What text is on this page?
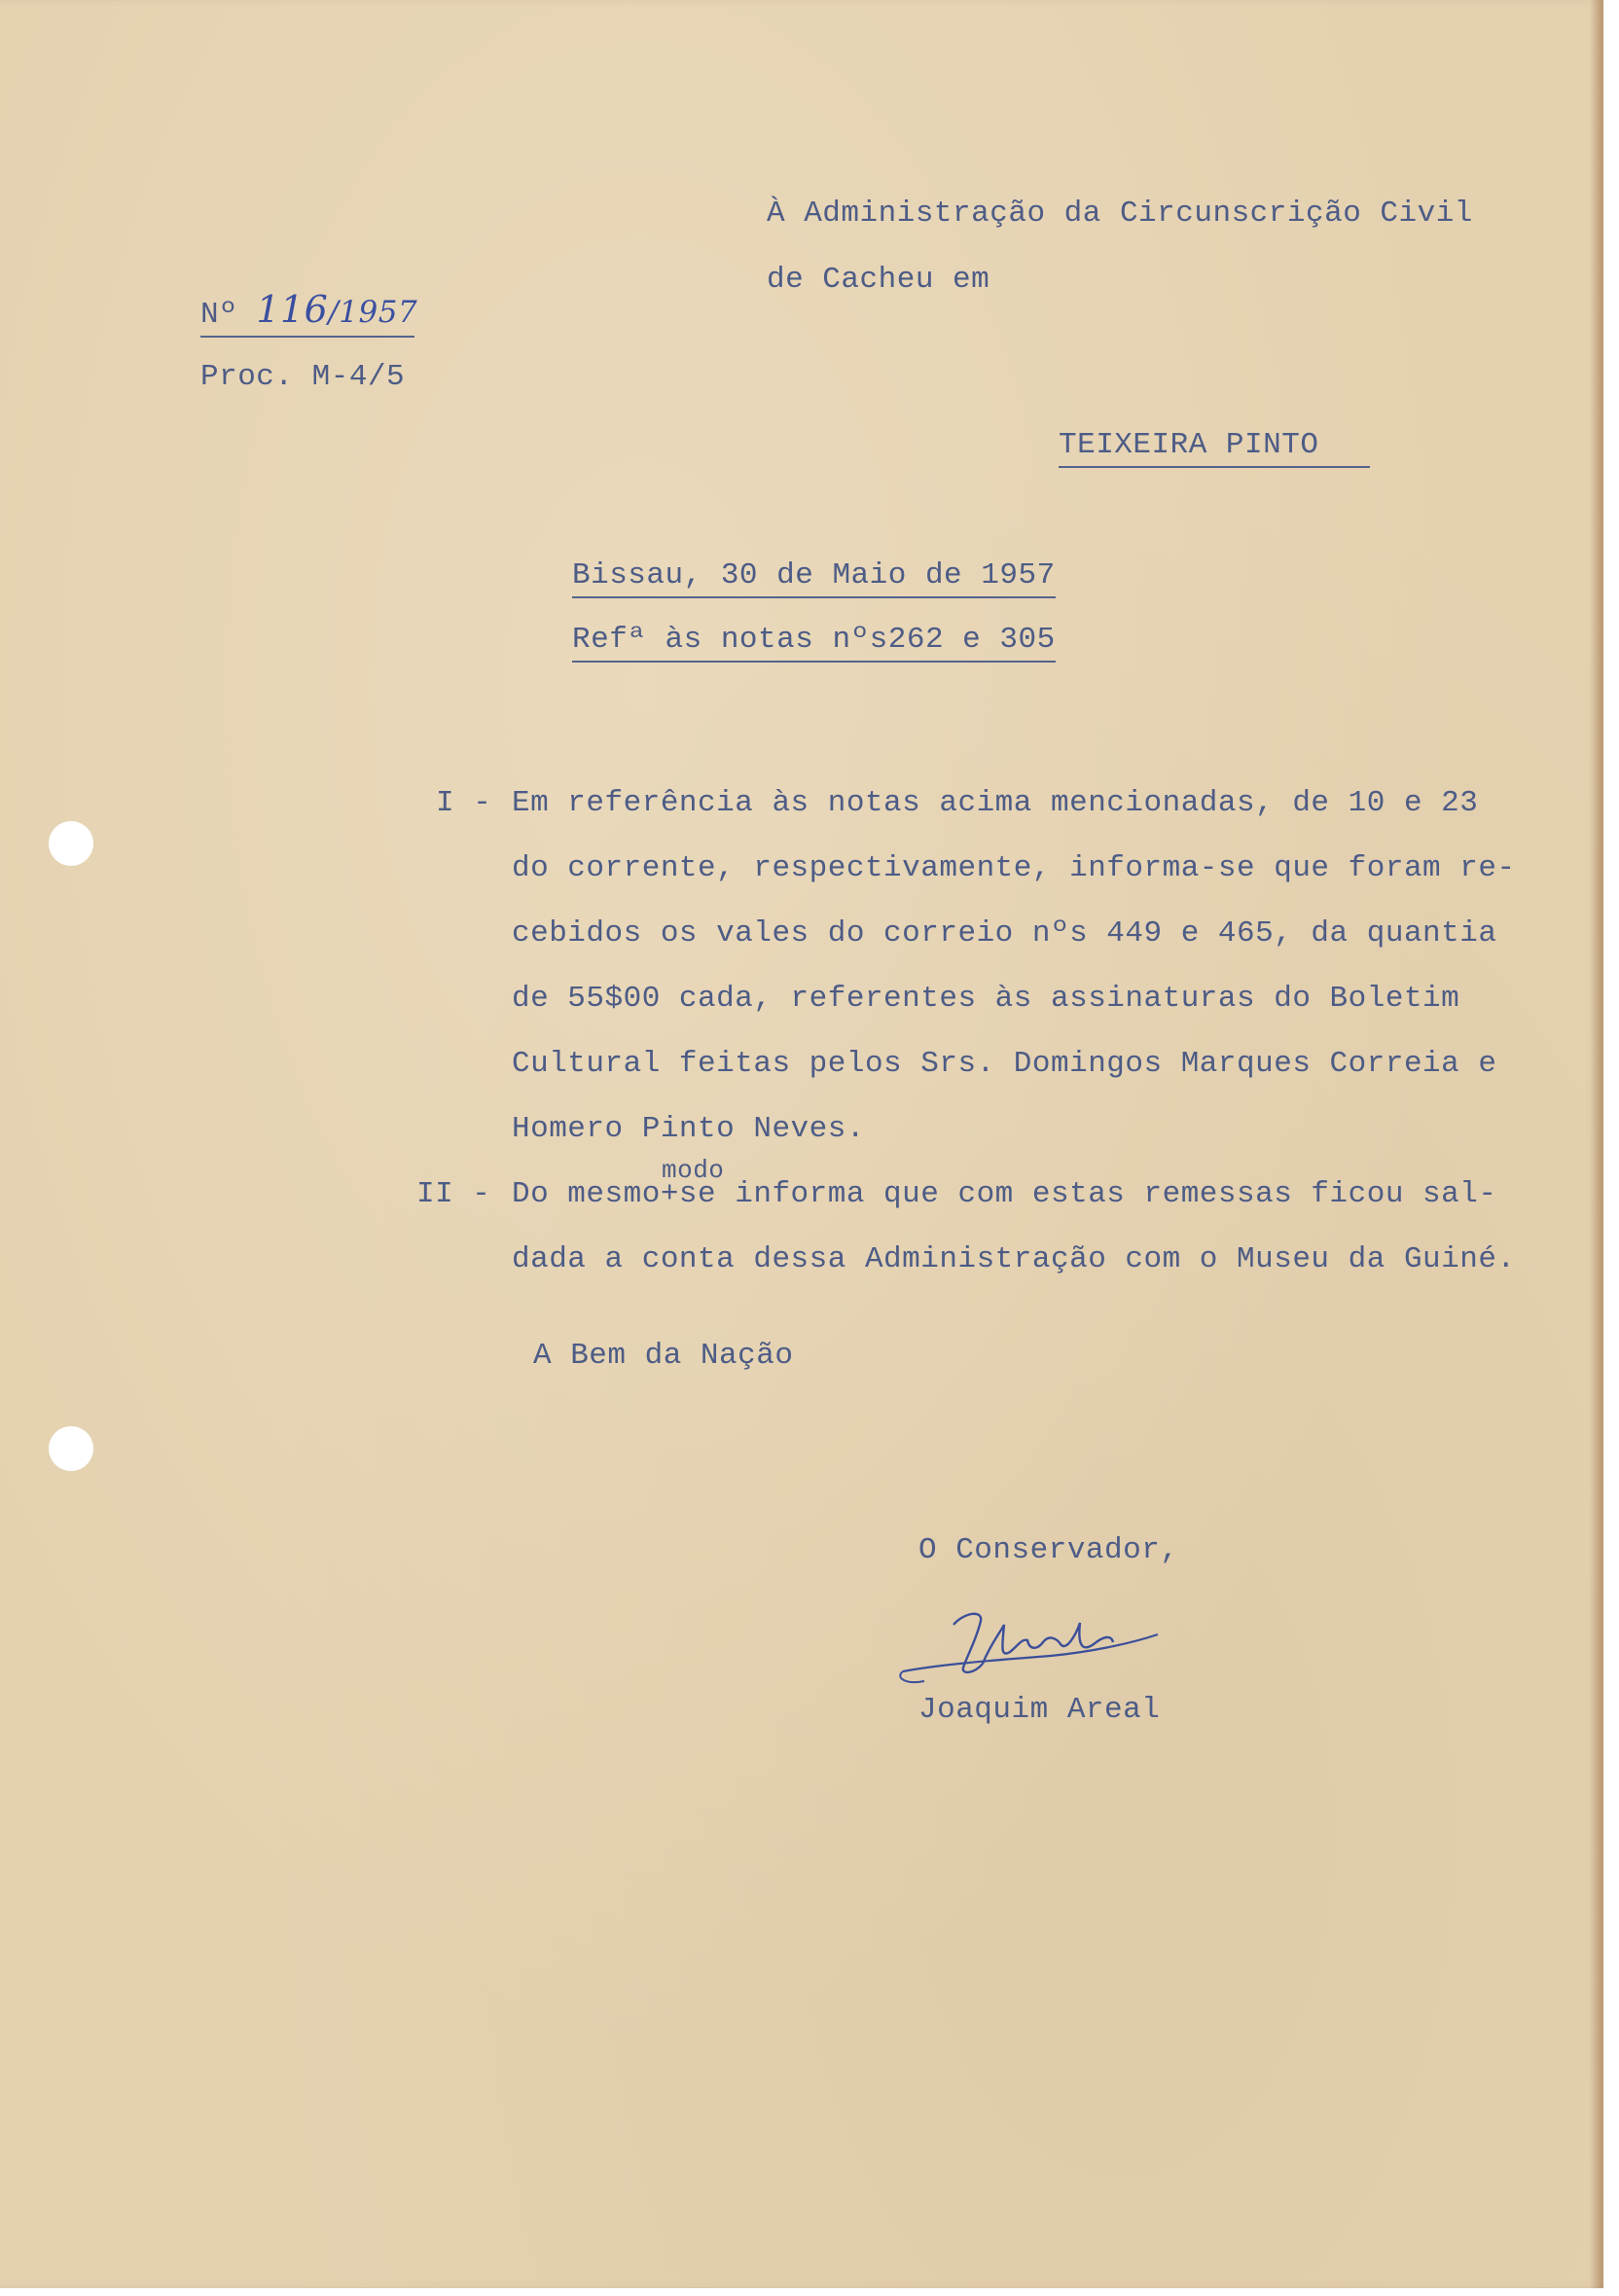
À Administração da Circunscrição Civil
de Cacheu em
TEIXEIRA PINTO
Nº 116/1957
Proc. M-4/5
Bissau, 30 de Maio de 1957
Refª às notas nºs262 e 305
I - Em referência às notas acima mencionadas, de 10 e 23
do corrente, respectivamente, informa-se que foram re-
cebidos os vales do correio nºs 449 e 465, da quantia
de 55$00 cada, referentes às assinaturas do Boletim
Cultural feitas pelos Srs. Domingos Marques Correia e
Homero Pinto Neves.
modo
II - Do mesmo+se informa que com estas remessas ficou sal-
dada a conta dessa Administração com o Museu da Guiné.
A Bem da Nação
O Conservador,
Joaquim Areal
